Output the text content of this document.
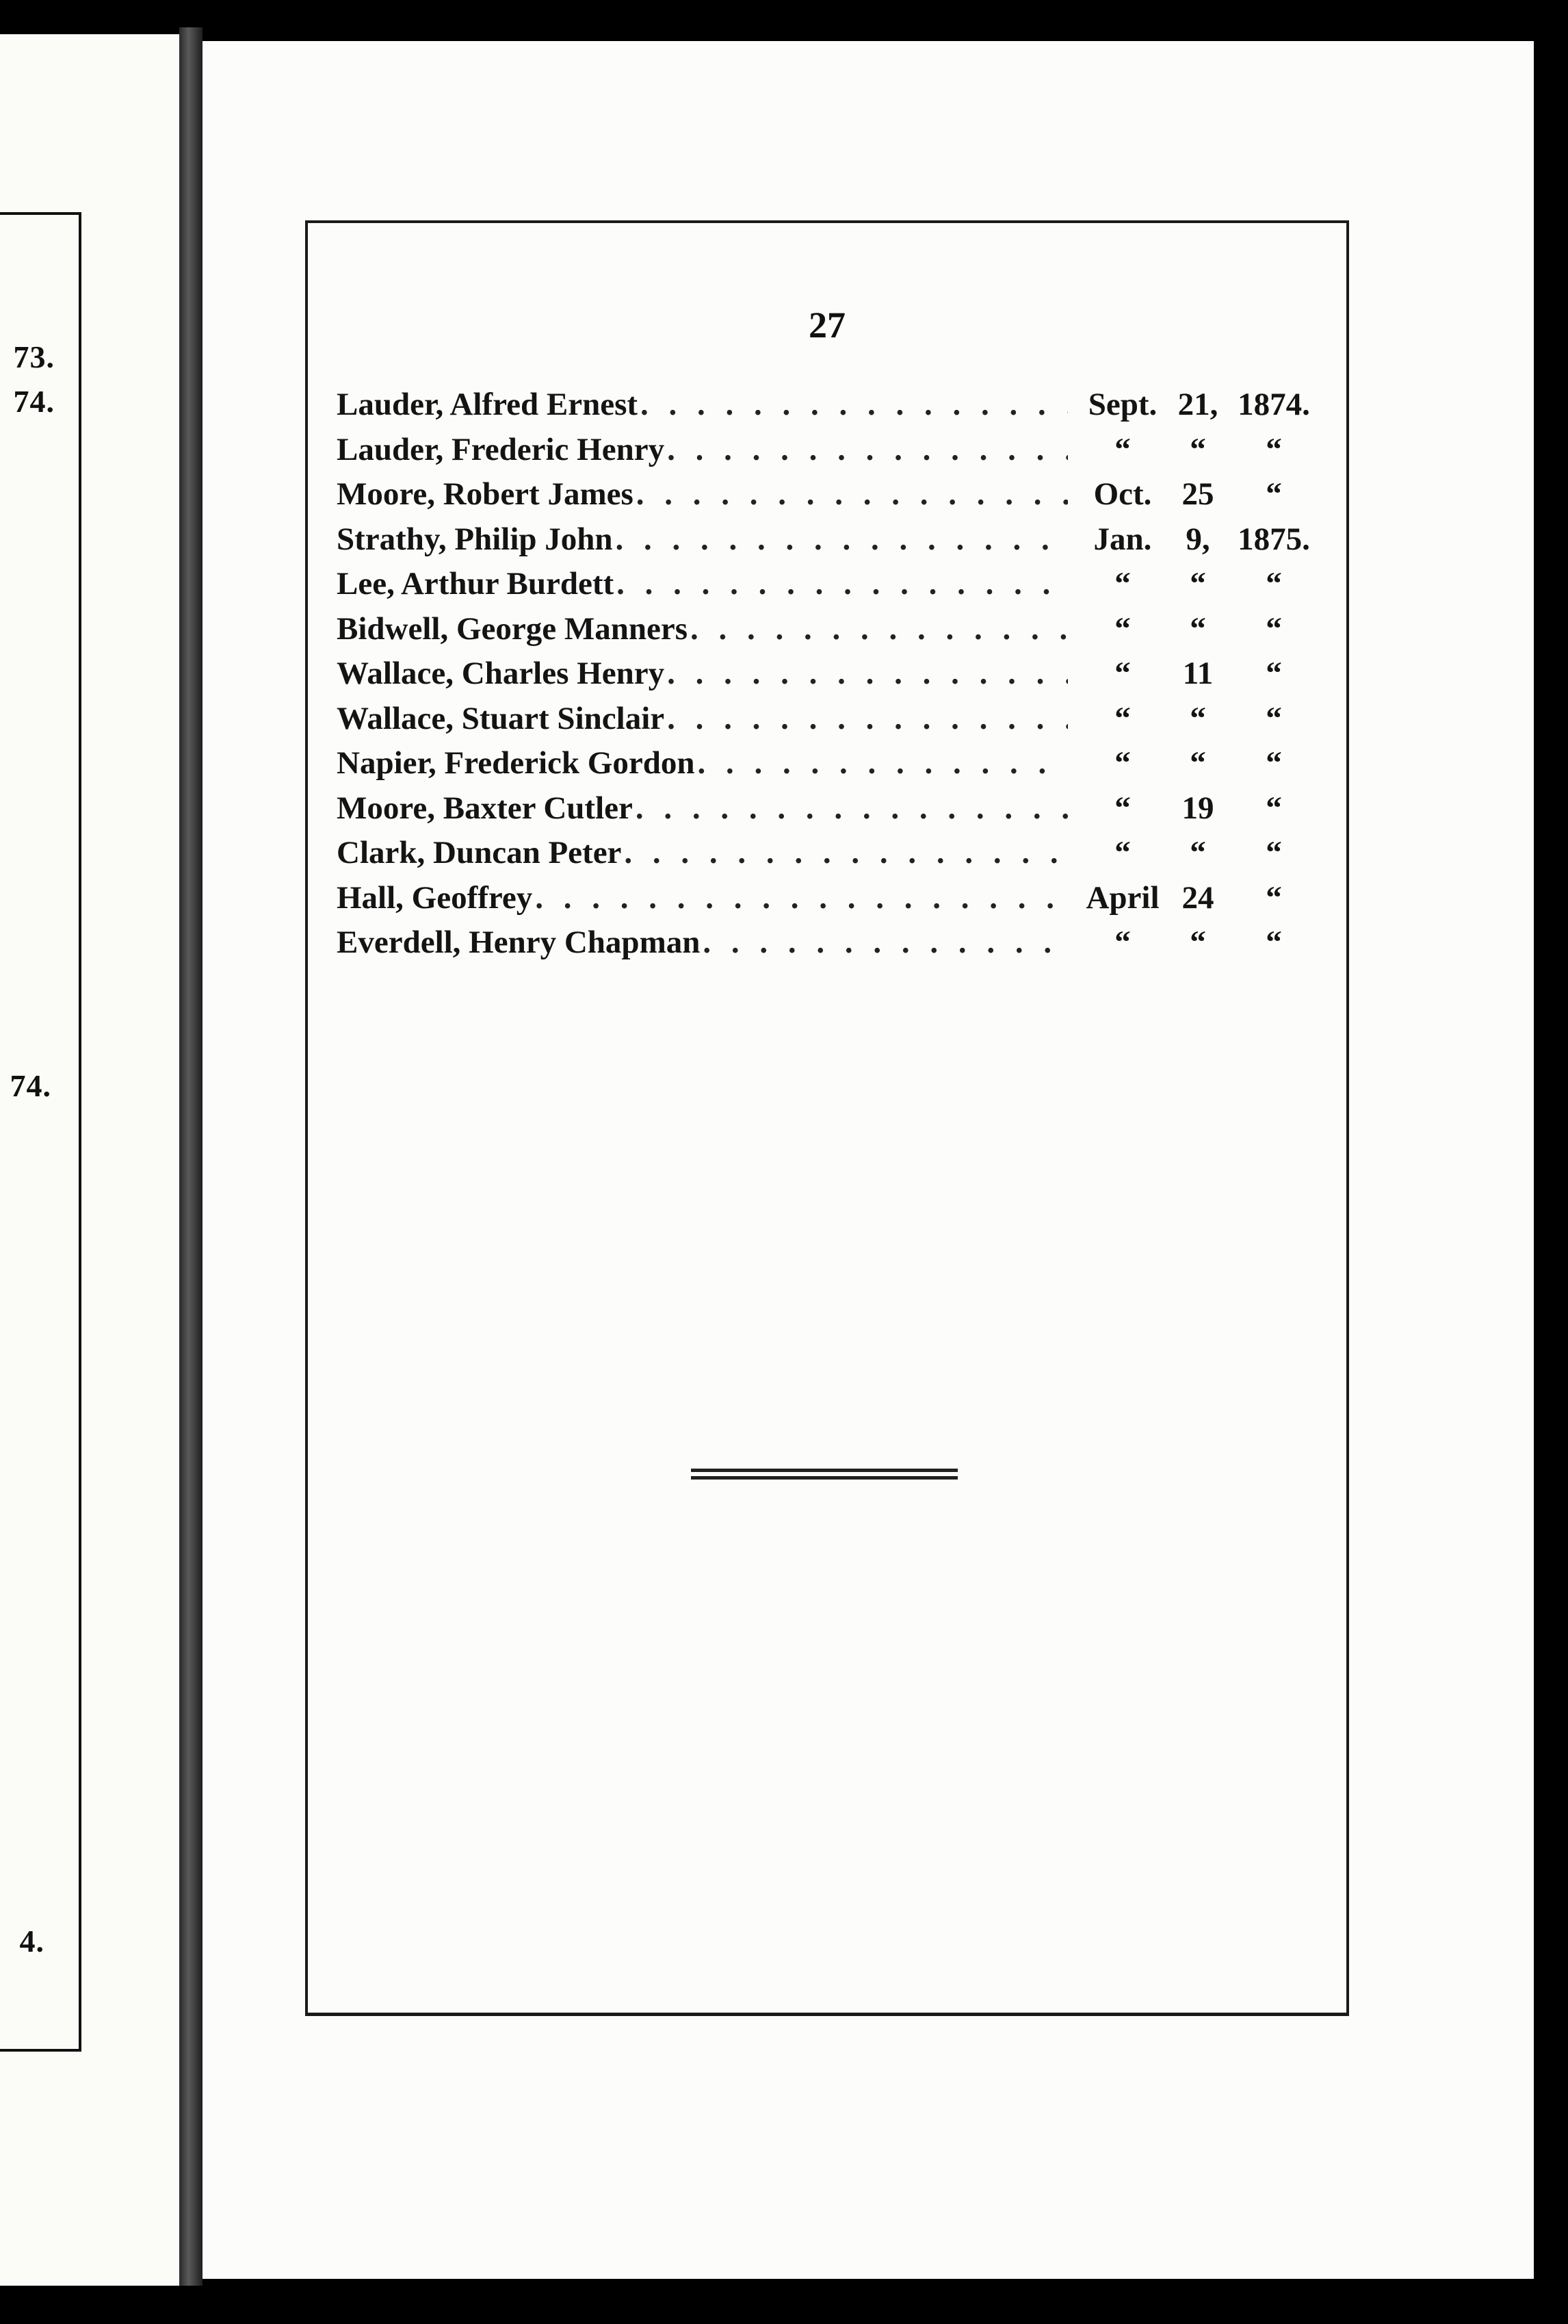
73.
74.
74.
4.
27
Lauder, Alfred Ernest . . .	Sept. 21, 1874.
Lauder, Frederic Henry . . .	“	“	“
Moore, Robert James . . .	Oct. 25	“
Strathy, Philip John . . .	Jan.	9, 1875.
Lee, Arthur Burdett . . .	“	“	“
Bidwell, George Manners . . .	“	“	“
Wallace, Charles Henry . . .	“	11	“
Wallace, Stuart Sinclair . . .	“	“	“
Napier, Frederick Gordon . . .	“	“	“
Moore, Baxter Cutler . . .	“	19	“
Clark, Duncan Peter . . .	“	“	“
Hall, Geoffrey . . .	April 24	“
Everdell, Henry Chapman . . .	“	“	“
